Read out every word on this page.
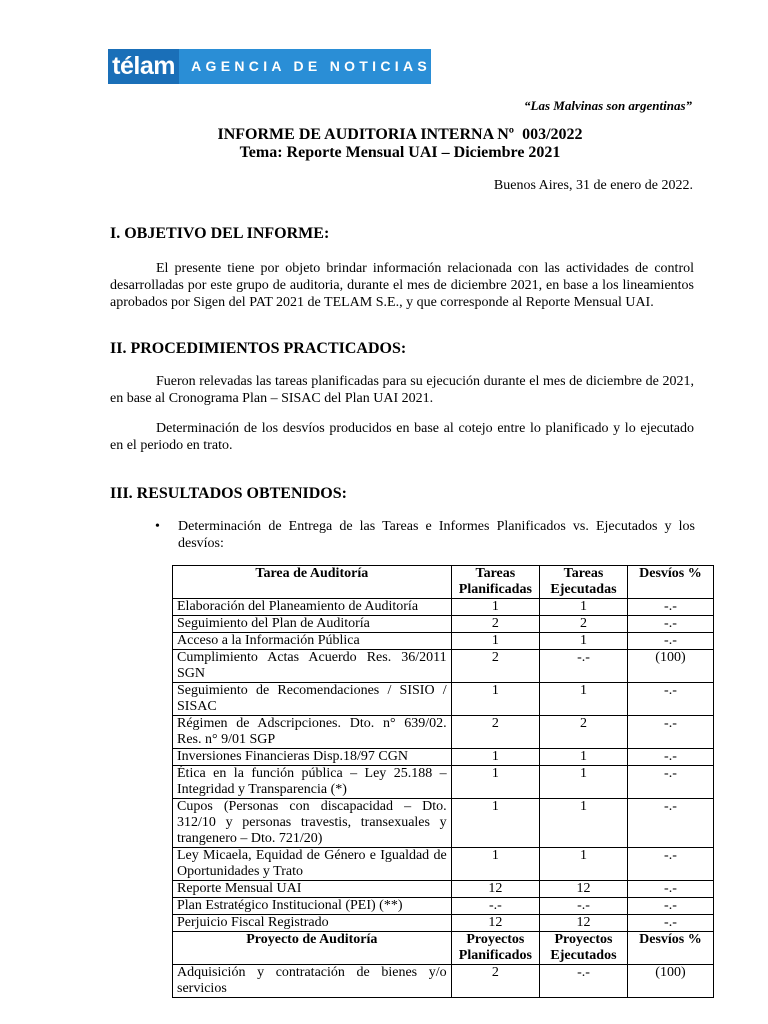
télam	AGENCIA DE NOTICIAS
“Las Malvinas son argentinas”
INFORME DE AUDITORIA INTERNA Nº  003/2022
Tema: Reporte Mensual UAI – Diciembre 2021
Buenos Aires, 31 de enero de 2022.
I. OBJETIVO DEL INFORME:

El presente tiene por objeto brindar información relacionada con las actividades de control desarrolladas por este grupo de auditoria, durante el mes de diciembre 2021, en base a los lineamientos aprobados por Sigen del PAT 2021 de TELAM S.E., y que corresponde al Reporte Mensual UAI.

II. PROCEDIMIENTOS PRACTICADOS:

Fueron relevadas las tareas planificadas para su ejecución durante el mes de diciembre de 2021, en base al Cronograma Plan – SISAC del Plan UAI 2021.

Determinación de los desvíos producidos en base al cotejo entre lo planificado y lo ejecutado en el periodo en trato.

III. RESULTADOS OBTENIDOS:
•	Determinación de Entrega de las Tareas e Informes Planificados vs. Ejecutados y los desvíos:
Tarea de Auditoría	Tareas Planificadas	Tareas Ejecutadas	Desvíos %
Elaboración del Planeamiento de Auditoría	1	1	-.-
Seguimiento del Plan de Auditoría	2	2	-.-
Acceso a la Información Pública	1	1	-.-
Cumplimiento Actas Acuerdo Res. 36/2011 SGN	2	-.-	(100)
Seguimiento de Recomendaciones / SISIO / SISAC	1	1	-.-
Régimen de Adscripciones. Dto. n° 639/02. Res. n° 9/01 SGP	2	2	-.-
Inversiones Financieras Disp.18/97 CGN	1	1	-.-
Ética en la función pública – Ley 25.188 – Integridad y Transparencia (*)	1	1	-.-
Cupos (Personas con discapacidad – Dto. 312/10 y personas travestis, transexuales y trangenero – Dto. 721/20)	1	1	-.-
Ley Micaela, Equidad de Género e Igualdad de Oportunidades y Trato	1	1	-.-
Reporte Mensual UAI	12	12	-.-
Plan Estratégico Institucional (PEI) (**)	-.-	-.-	-.-
Perjuicio Fiscal Registrado	12	12	-.-
Proyecto de Auditoría	Proyectos Planificados	Proyectos Ejecutados	Desvíos %
Adquisición y contratación de bienes y/o servicios	2	-.-	(100)
